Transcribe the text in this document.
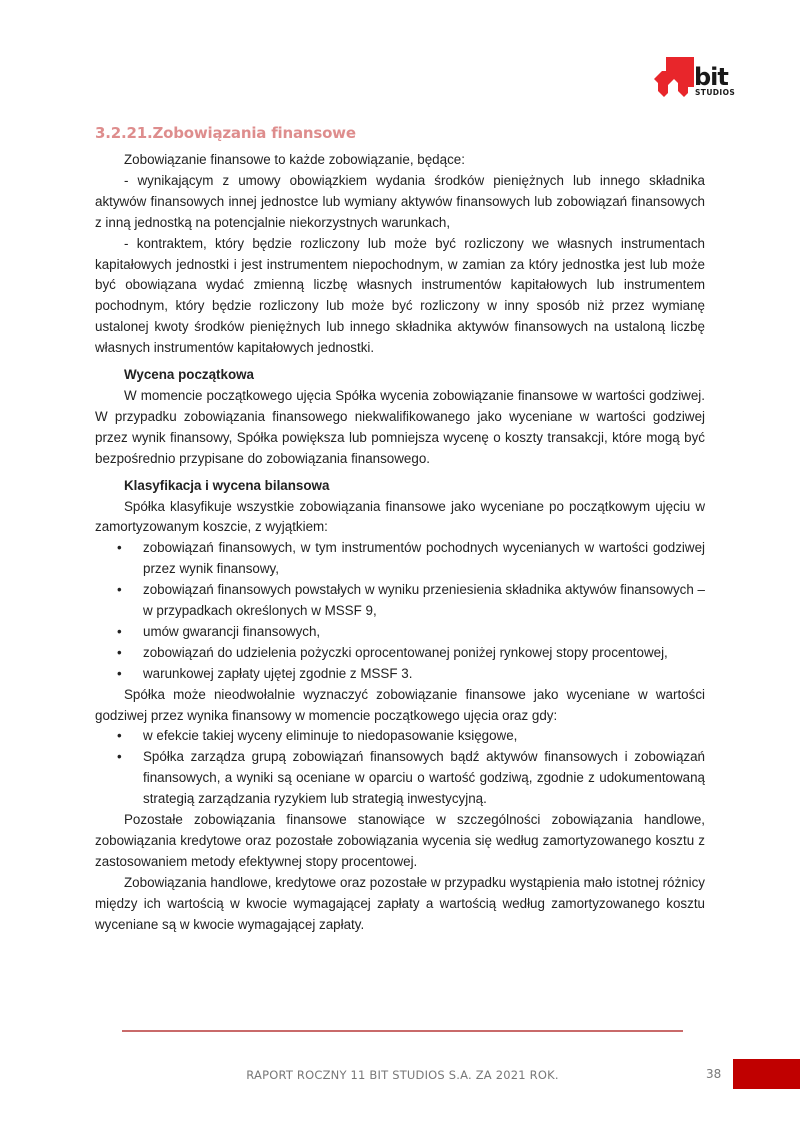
bit
STUDIOS
3.2.21.Zobowiązania finansowe

Zobowiązanie finansowe to każde zobowiązanie, będące:

- wynikającym z umowy obowiązkiem wydania środków pieniężnych lub innego składnika aktywów finansowych innej jednostce lub wymiany aktywów finansowych lub zobowiązań finansowych z inną jednostką na potencjalnie niekorzystnych warunkach,

- kontraktem, który będzie rozliczony lub może być rozliczony we własnych instrumentach kapitałowych jednostki i jest instrumentem niepochodnym, w zamian za który jednostka jest lub może być obowiązana wydać zmienną liczbę własnych instrumentów kapitałowych lub instrumentem pochodnym, który będzie rozliczony lub może być rozliczony w inny sposób niż przez wymianę ustalonej kwoty środków pieniężnych lub innego składnika aktywów finansowych na ustaloną liczbę własnych instrumentów kapitałowych jednostki.

Wycena początkowa

W momencie początkowego ujęcia Spółka wycenia zobowiązanie finansowe w wartości godziwej. W przypadku zobowiązania finansowego niekwalifikowanego jako wyceniane w wartości godziwej przez wynik finansowy, Spółka powiększa lub pomniejsza wycenę o koszty transakcji, które mogą być bezpośrednio przypisane do zobowiązania finansowego.

Klasyfikacja i wycena bilansowa

Spółka klasyfikuje wszystkie zobowiązania finansowe jako wyceniane po początkowym ujęciu w zamortyzowanym koszcie, z wyjątkiem:

• zobowiązań finansowych, w tym instrumentów pochodnych wycenianych w wartości godziwej przez wynik finansowy,
• zobowiązań finansowych powstałych w wyniku przeniesienia składnika aktywów finansowych – w przypadkach określonych w MSSF 9,
• umów gwarancji finansowych,
• zobowiązań do udzielenia pożyczki oprocentowanej poniżej rynkowej stopy procentowej,
• warunkowej zapłaty ujętej zgodnie z MSSF 3.

Spółka może nieodwołalnie wyznaczyć zobowiązanie finansowe jako wyceniane w wartości godziwej przez wynika finansowy w momencie początkowego ujęcia oraz gdy:

• w efekcie takiej wyceny eliminuje to niedopasowanie księgowe,
• Spółka zarządza grupą zobowiązań finansowych bądź aktywów finansowych i zobowiązań finansowych, a wyniki są oceniane w oparciu o wartość godziwą, zgodnie z udokumentowaną strategią zarządzania ryzykiem lub strategią inwestycyjną.

Pozostałe zobowiązania finansowe stanowiące w szczególności zobowiązania handlowe, zobowiązania kredytowe oraz pozostałe zobowiązania wycenia się według zamortyzowanego kosztu z zastosowaniem metody efektywnej stopy procentowej.

Zobowiązania handlowe, kredytowe oraz pozostałe w przypadku wystąpienia mało istotnej różnicy między ich wartością w kwocie wymagającej zapłaty a wartością według zamortyzowanego kosztu wyceniane są w kwocie wymagającej zapłaty.

RAPORT ROCZNY 11 BIT STUDIOS S.A. ZA 2021 ROK.	38
